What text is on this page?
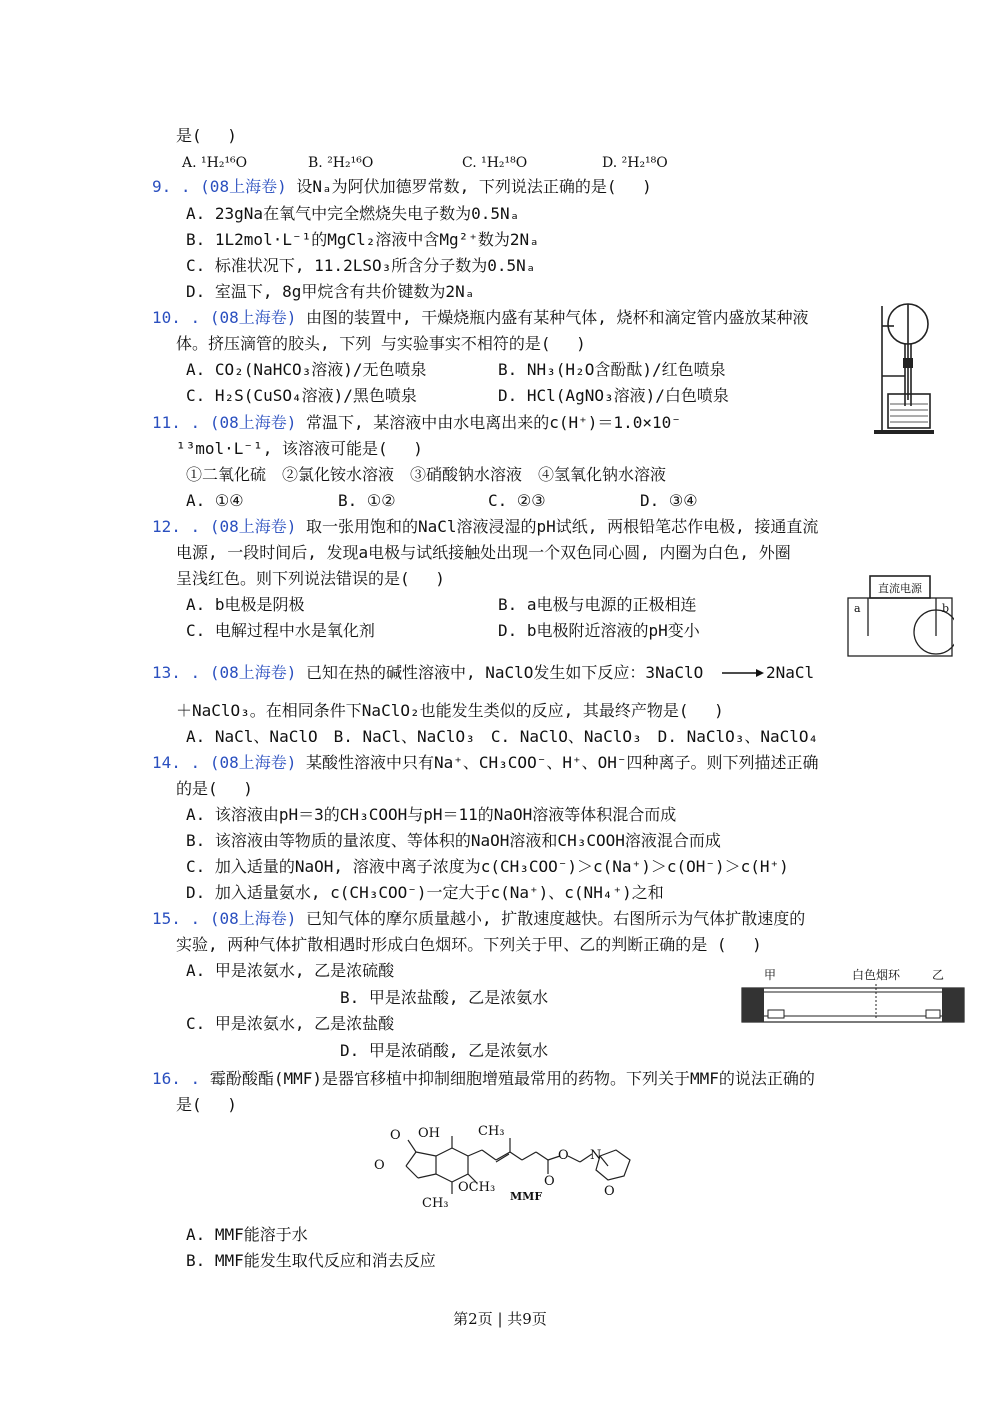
是(　 )
A. ¹H₂¹⁶O	B. ²H₂¹⁶O	C. ¹H₂¹⁸O	D. ²H₂¹⁸O
9. . (08上海卷) 设Nₐ为阿伏加德罗常数, 下列说法正确的是(　 )
A. 23gNa在氧气中完全燃烧失电子数为0.5Nₐ
B. 1L2mol·L⁻¹的MgCl₂溶液中含Mg²⁺数为2Nₐ
C. 标准状况下, 11.2LSO₃所含分子数为0.5Nₐ
D. 室温下, 8g甲烷含有共价键数为2Nₐ
10. . (08上海卷) 由图的装置中, 干燥烧瓶内盛有某种气体, 烧杯和滴定管内盛放某种液
体。挤压滴管的胶头, 下列 与实验事实不相符的是(　 )
A. CO₂(NaHCO₃溶液)/无色喷泉	B. NH₃(H₂O含酚酞)/红色喷泉
C. H₂S(CuSO₄溶液)/黑色喷泉	D. HCl(AgNO₃溶液)/白色喷泉
11. . (08上海卷) 常温下, 某溶液中由水电离出来的c(H⁺)＝1.0×10⁻
¹³mol·L⁻¹, 该溶液可能是(　 )
①二氧化硫　②氯化铵水溶液　③硝酸钠水溶液　④氢氧化钠水溶液
A. ①④	B. ①②	C. ②③	D. ③④
12. . (08上海卷) 取一张用饱和的NaCl溶液浸湿的pH试纸, 两根铅笔芯作电极, 接通直流
电源, 一段时间后, 发现a电极与试纸接触处出现一个双色同心圆, 内圈为白色, 外圈
呈浅红色。则下列说法错误的是(　 )
A. b电极是阴极	B. a电极与电源的正极相连
C. 电解过程中水是氧化剂	D. b电极附近溶液的pH变小
直流电源
a	b
13. . (08上海卷) 已知在热的碱性溶液中, NaClO发生如下反应：3NaClO → 2NaCl
＋NaClO₃。在相同条件下NaClO₂也能发生类似的反应, 其最终产物是(　 )
A. NaCl、NaClO　B. NaCl、NaClO₃　C. NaClO、NaClO₃　D. NaClO₃、NaClO₄
14. . (08上海卷) 某酸性溶液中只有Na⁺、CH₃COO⁻、H⁺、OH⁻四种离子。则下列描述正确
的是(　 )
A. 该溶液由pH＝3的CH₃COOH与pH＝11的NaOH溶液等体积混合而成
B. 该溶液由等物质的量浓度、等体积的NaOH溶液和CH₃COOH溶液混合而成
C. 加入适量的NaOH, 溶液中离子浓度为c(CH₃COO⁻)＞c(Na⁺)＞c(OH⁻)＞c(H⁺)
D. 加入适量氨水, c(CH₃COO⁻)一定大于c(Na⁺)、c(NH₄⁺)之和
15. . (08上海卷) 已知气体的摩尔质量越小, 扩散速度越快。右图所示为气体扩散速度的
实验, 两种气体扩散相遇时形成白色烟环。下列关于甲、乙的判断正确的是 (　 )
A. 甲是浓氨水, 乙是浓硫酸
B. 甲是浓盐酸, 乙是浓氨水
C. 甲是浓氨水, 乙是浓盐酸
D. 甲是浓硝酸, 乙是浓氨水
甲	白色烟环	乙
16. . 霉酚酸酯(MMF)是器官移植中抑制细胞增殖最常用的药物。下列关于MMF的说法正确的
是(　 )
OH	CH₃
O
O
O
O
O
N
OCH₃
CH₃	MMF
A. MMF能溶于水
B. MMF能发生取代反应和消去反应
第2页 | 共9页
